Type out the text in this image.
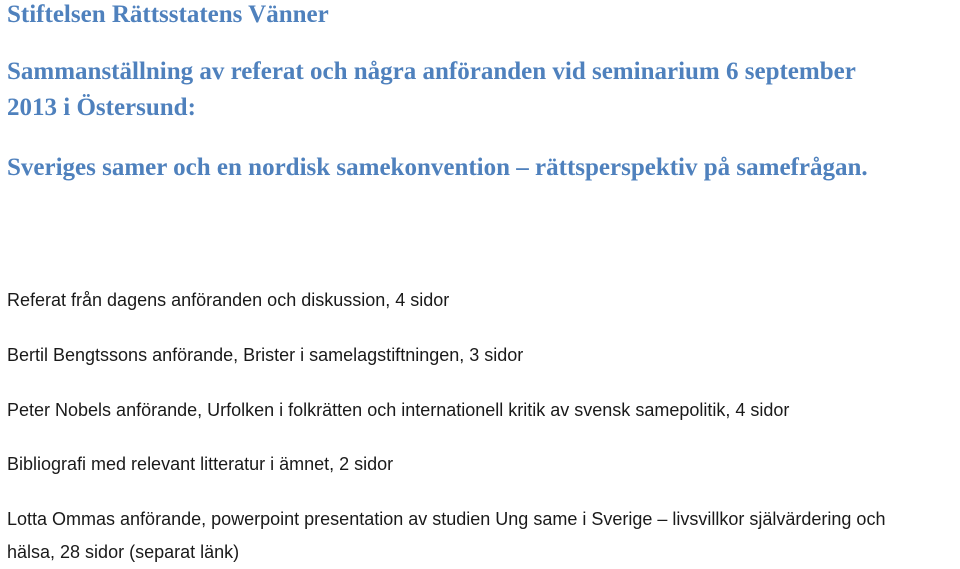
Stiftelsen Rättsstatens Vänner
Sammanställning av referat och några anföranden vid seminarium 6 september 2013 i Östersund:
Sveriges samer och en nordisk samekonvention – rättsperspektiv på samefrågan.

Referat från dagens anföranden och diskussion, 4 sidor

Bertil Bengtssons anförande, Brister i samelagstiftningen, 3 sidor

Peter Nobels anförande, Urfolken i folkrätten och internationell kritik av svensk samepolitik, 4 sidor

Bibliografi med relevant litteratur i ämnet, 2 sidor

Lotta Ommas anförande, powerpoint presentation av studien Ung same i Sverige – livsvillkor självärdering och hälsa, 28 sidor (separat länk)
